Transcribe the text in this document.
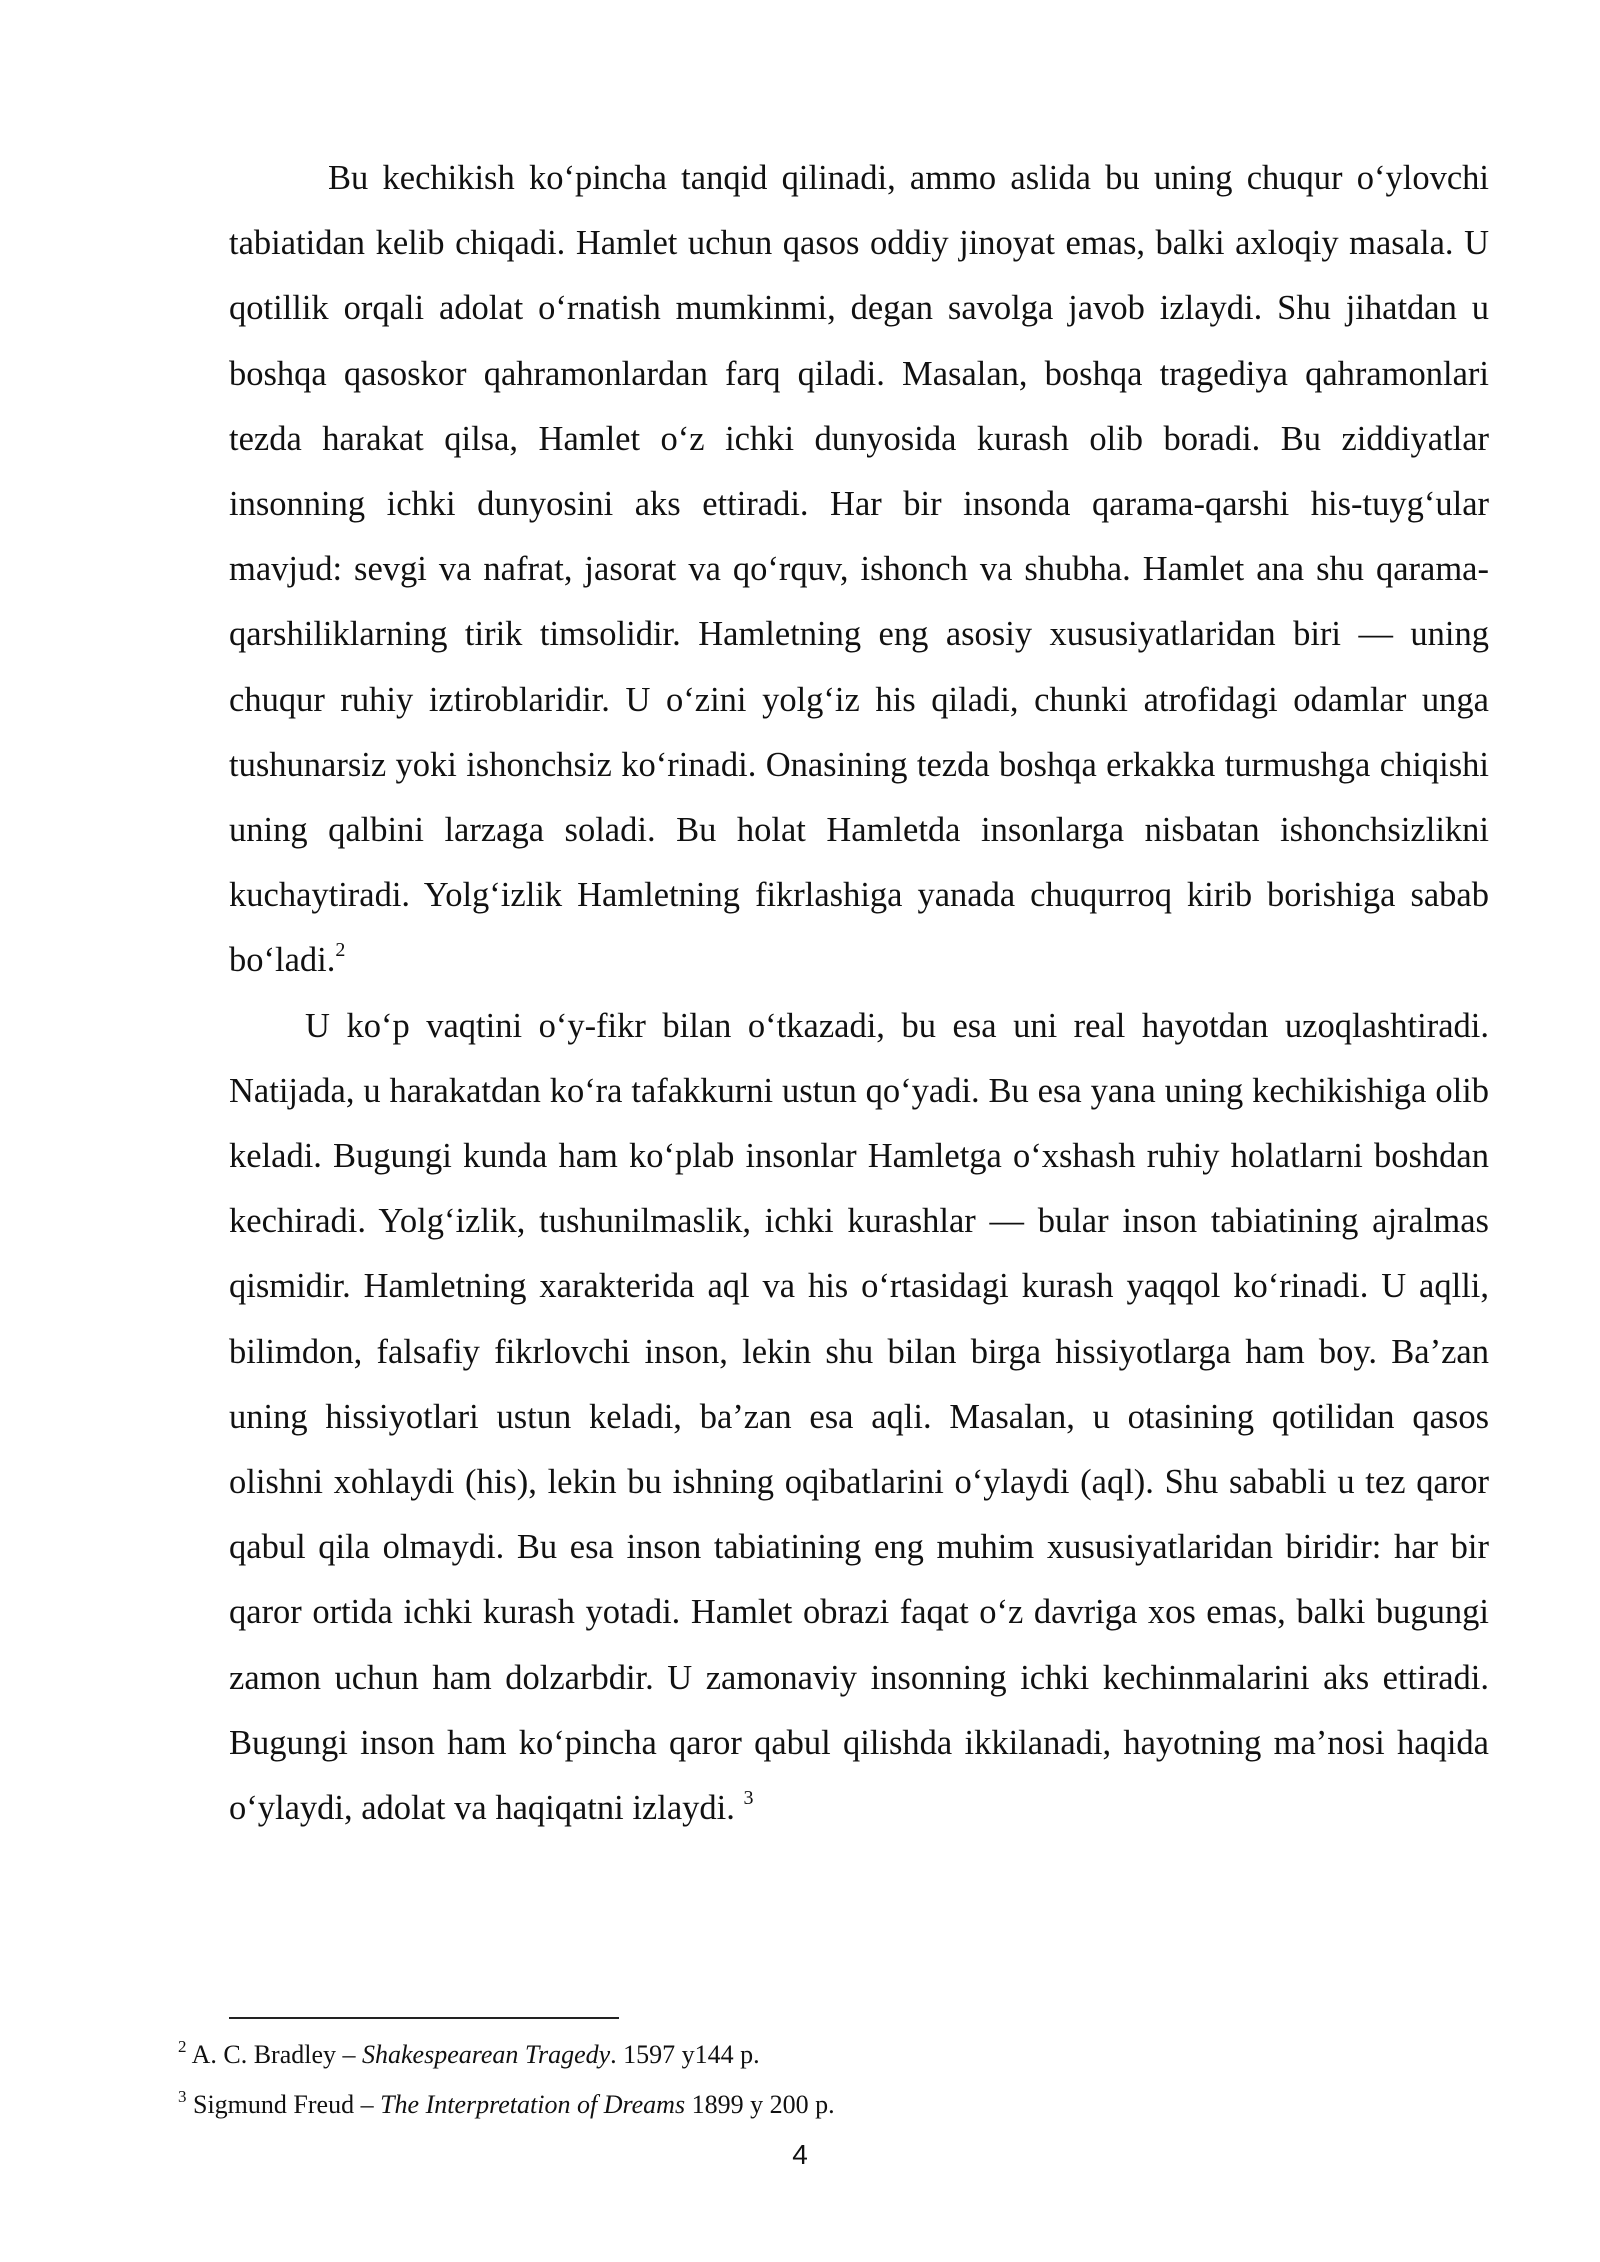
Bu kechikish ko‘pincha tanqid qilinadi, ammo aslida bu uning chuqur o‘ylovchi tabiatidan kelib chiqadi. Hamlet uchun qasos oddiy jinoyat emas, balki axloqiy masala. U qotillik orqali adolat o‘rnatish mumkinmi, degan savolga javob izlaydi. Shu jihatdan u boshqa qasoskor qahramonlardan farq qiladi. Masalan, boshqa tragediya qahramonlari tezda harakat qilsa, Hamlet o‘z ichki dunyosida kurash olib boradi. Bu ziddiyatlar insonning ichki dunyosini aks ettiradi. Har bir insonda qarama-qarshi his-tuyg‘ular mavjud: sevgi va nafrat, jasorat va qo‘rquv, ishonch va shubha. Hamlet ana shu qarama-qarshiliklarning tirik timsolidir. Hamletning eng asosiy xususiyatlaridan biri — uning chuqur ruhiy iztiroblaridir. U o‘zini yolg‘iz his qiladi, chunki atrofidagi odamlar unga tushunarsiz yoki ishonchsiz ko‘rinadi. Onasining tezda boshqa erkakka turmushga chiqishi uning qalbini larzaga soladi. Bu holat Hamletda insonlarga nisbatan ishonchsizlikni kuchaytiradi. Yolg‘izlik Hamletning fikrlashiga yanada chuqurroq kirib borishiga sabab bo‘ladi.$^2$

U ko‘p vaqtini o‘y-fikr bilan o‘tkazadi, bu esa uni real hayotdan uzoqlashtiradi. Natijada, u harakatdan ko‘ra tafakkurni ustun qo‘yadi. Bu esa yana uning kechikishiga olib keladi. Bugungi kunda ham ko‘plab insonlar Hamletga o‘xshash ruhiy holatlarni boshdan kechiradi. Yolg‘izlik, tushunilmaslik, ichki kurashlar — bular inson tabiatining ajralmas qismidir. Hamletning xarakterida aql va his o‘rtasidagi kurash yaqqol ko‘rinadi. U aqlli, bilimdon, falsafiy fikrlovchi inson, lekin shu bilan birga hissiyotlarga ham boy. Ba’zan uning hissiyotlari ustun keladi, ba’zan esa aqli. Masalan, u otasining qotilidan qasos olishni xohlaydi (his), lekin bu ishning oqibatlarini o‘ylaydi (aql). Shu sababli u tez qaror qabul qila olmaydi. Bu esa inson tabiatining eng muhim xususiyatlaridan biridir: har bir qaror ortida ichki kurash yotadi. Hamlet obrazi faqat o‘z davriga xos emas, balki bugungi zamon uchun ham dolzarbdir. U zamonaviy insonning ichki kechinmalarini aks ettiradi. Bugungi inson ham ko‘pincha qaror qabul qilishda ikkilanadi, hayotning ma’nosi haqida o‘ylaydi, adolat va haqiqatni izlaydi. $^3$

$^2$ A. C. Bradley – Shakespearean Tragedy. 1597 y144 p.

$^3$ Sigmund Freud – The Interpretation of Dreams 1899 y 200 p.

4
